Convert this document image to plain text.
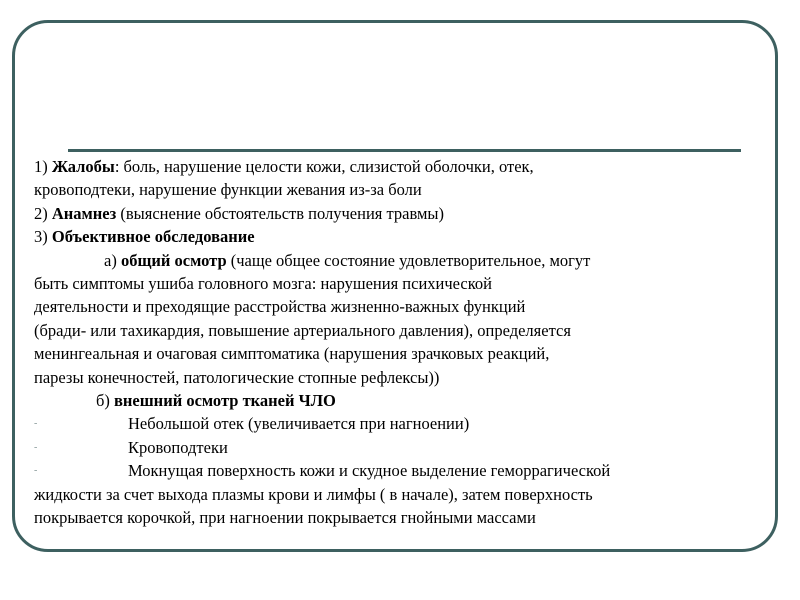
1) Жалобы: боль, нарушение целости кожи, слизистой оболочки, отек,
кровоподтеки, нарушение функции жевания из-за боли
2) Анамнез (выяснение обстоятельств получения травмы)
3) Объективное обследование
а) общий осмотр (чаще общее состояние удовлетворительное, могут
быть симптомы ушиба головного мозга: нарушения психической
деятельности и преходящие расстройства жизненно-важных функций
(бради- или тахикардия, повышение артериального давления), определяется
менингеальная и очаговая симптоматика (нарушения зрачковых реакций,
парезы конечностей, патологические стопные рефлексы))
б) внешний осмотр тканей ЧЛО
-	Небольшой отек (увеличивается при нагноении)
-	Кровоподтеки
-	Мокнущая поверхность кожи и скудное выделение геморрагической
жидкости за счет выхода плазмы крови и лимфы ( в начале), затем поверхность
покрывается корочкой, при нагноении покрывается гнойными массами
